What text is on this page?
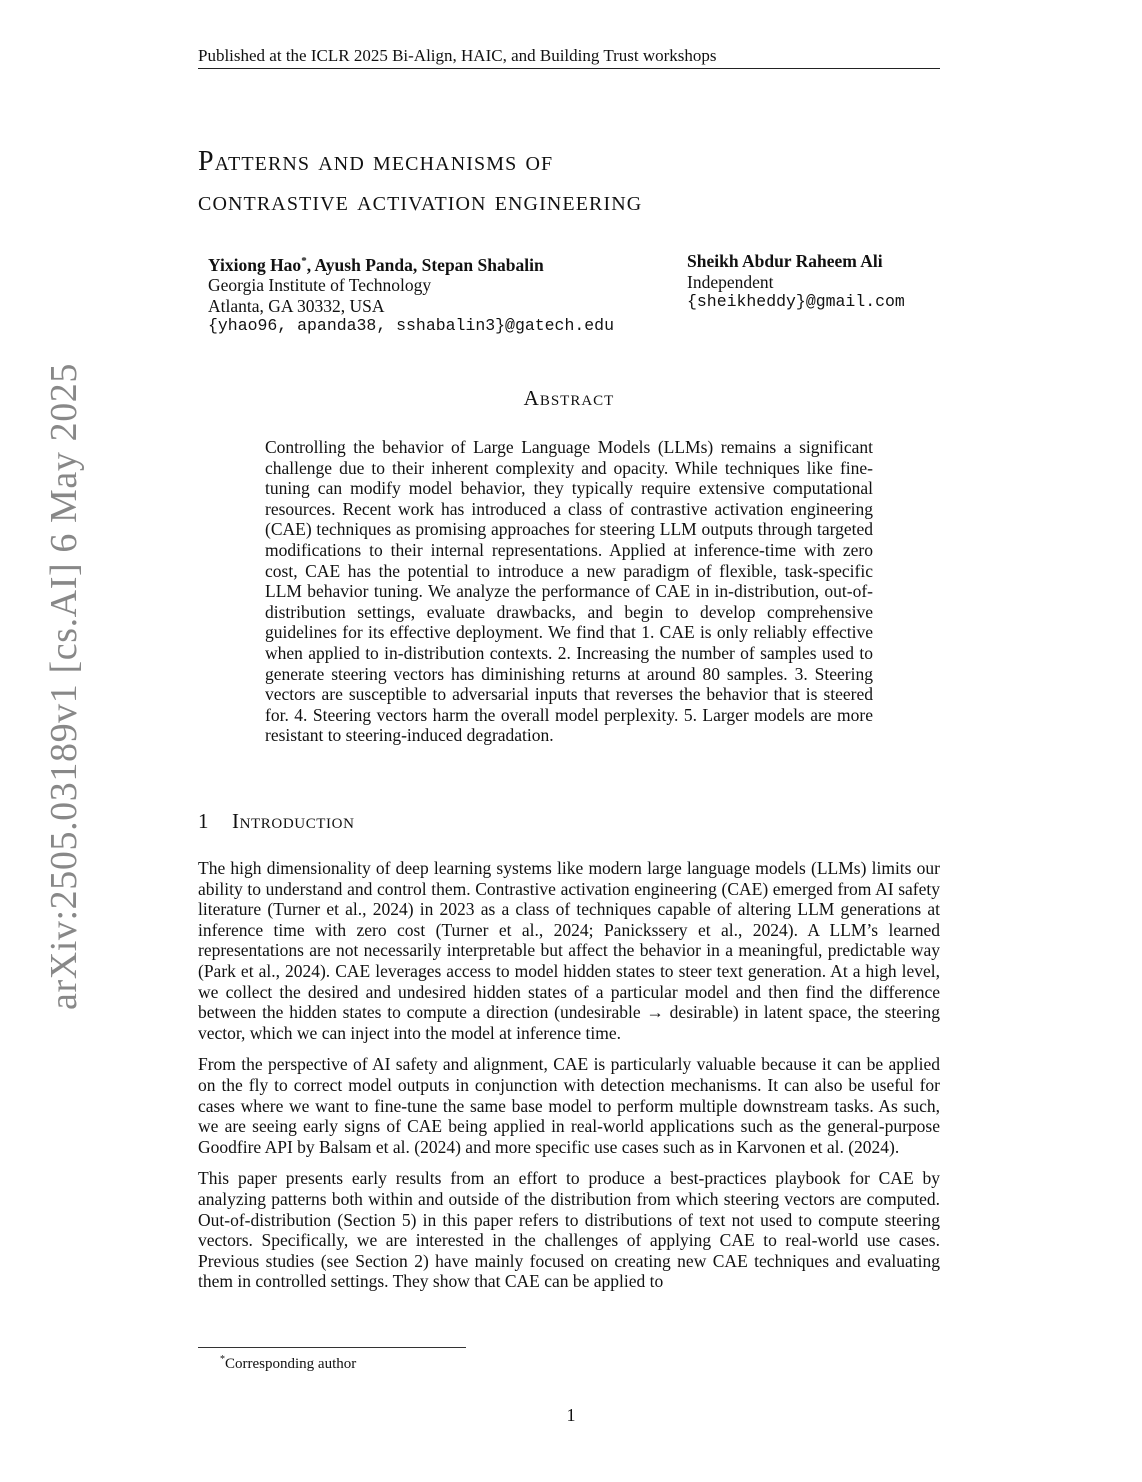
Published at the ICLR 2025 Bi-Align, HAIC, and Building Trust workshops
arXiv:2505.03189v1 [cs.AI] 6 May 2025
Patterns and mechanisms of
contrastive activation engineering
Yixiong Hao*, Ayush Panda, Stepan Shabalin
Georgia Institute of Technology
Atlanta, GA 30332, USA
{yhao96, apanda38, sshabalin3}@gatech.edu
Sheikh Abdur Raheem Ali
Independent
{sheikheddy}@gmail.com
Abstract
Controlling the behavior of Large Language Models (LLMs) remains a significant challenge due to their inherent complexity and opacity. While techniques like fine-tuning can modify model behavior, they typically require extensive computational resources. Recent work has introduced a class of contrastive activation engineering (CAE) techniques as promising approaches for steering LLM outputs through targeted modifications to their internal representations. Applied at inference-time with zero cost, CAE has the potential to introduce a new paradigm of flexible, task-specific LLM behavior tuning. We analyze the performance of CAE in in-distribution, out-of-distribution settings, evaluate drawbacks, and begin to develop comprehensive guidelines for its effective deployment. We find that 1. CAE is only reliably effective when applied to in-distribution contexts. 2. Increasing the number of samples used to generate steering vectors has diminishing returns at around 80 samples. 3. Steering vectors are susceptible to adversarial inputs that reverses the behavior that is steered for. 4. Steering vectors harm the overall model perplexity. 5. Larger models are more resistant to steering-induced degradation.
1 Introduction

The high dimensionality of deep learning systems like modern large language models (LLMs) limits our ability to understand and control them. Contrastive activation engineering (CAE) emerged from AI safety literature (Turner et al., 2024) in 2023 as a class of techniques capable of altering LLM generations at inference time with zero cost (Turner et al., 2024; Panickssery et al., 2024). A LLM’s learned representations are not necessarily interpretable but affect the behavior in a meaningful, predictable way (Park et al., 2024). CAE leverages access to model hidden states to steer text generation. At a high level, we collect the desired and undesired hidden states of a particular model and then find the difference between the hidden states to compute a direction (undesirable → desirable) in latent space, the steering vector, which we can inject into the model at inference time.

From the perspective of AI safety and alignment, CAE is particularly valuable because it can be applied on the fly to correct model outputs in conjunction with detection mechanisms. It can also be useful for cases where we want to fine-tune the same base model to perform multiple downstream tasks. As such, we are seeing early signs of CAE being applied in real-world applications such as the general-purpose Goodfire API by Balsam et al. (2024) and more specific use cases such as in Karvonen et al. (2024).

This paper presents early results from an effort to produce a best-practices playbook for CAE by analyzing patterns both within and outside of the distribution from which steering vectors are computed. Out-of-distribution (Section 5) in this paper refers to distributions of text not used to compute steering vectors. Specifically, we are interested in the challenges of applying CAE to real-world use cases. Previous studies (see Section 2) have mainly focused on creating new CAE techniques and evaluating them in controlled settings. They show that CAE can be applied to

*Corresponding author
1
